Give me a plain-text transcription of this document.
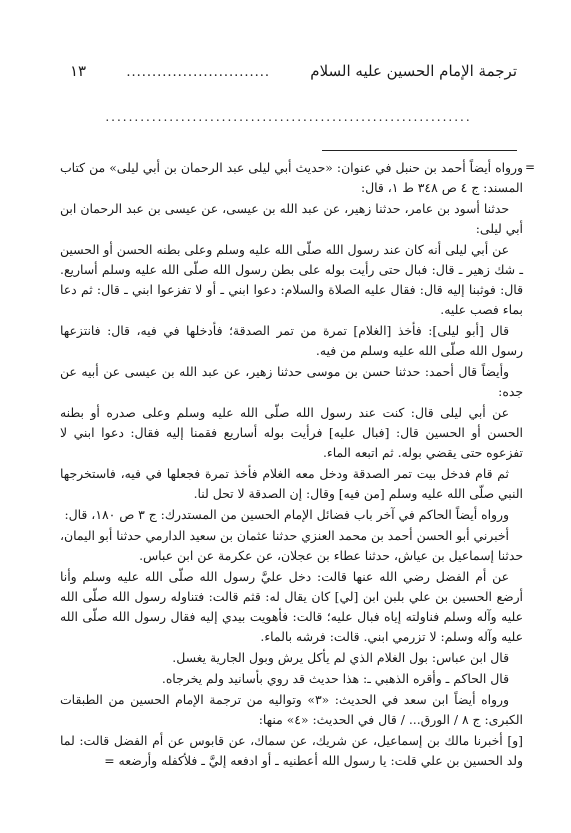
ترجمة الإمام الحسين عليه السلام
............................
١٣
...............................................................
=

ورواه أيضاً أحمد بن حنبل في عنوان: «حديث أبي ليلى عبد الرحمان بن أبي ليلى» من كتاب المسند: ج ٤ ص ٣٤٨ ط ١، قال:

حدثنا أسود بن عامر، حدثنا زهير، عن عبد الله بن عيسى، عن عيسى بن عبد الرحمان ابن أبي ليلى:

عن أبي ليلى أنه كان عند رسول الله صلّى الله عليه وسلم وعلى بطنه الحسن أو الحسين ـ شك زهير ـ قال: فبال حتى رأيت بوله على بطن رسول الله صلّى الله عليه وسلم أساريع. قال: فوثبنا إليه قال: فقال عليه الصلاة والسلام: دعوا ابني ـ أو لا تفزعوا ابني ـ قال: ثم دعا بماء فصب عليه.

قال [أبو ليلى]: فأخذ [الغلام] تمرة من تمر الصدقة؛ فأدخلها في فيه، قال: فانتزعها رسول الله صلّى الله عليه وسلم من فيه.

وأيضاً قال أحمد: حدثنا حسن بن موسى حدثنا زهير، عن عبد الله بن عيسى عن أبيه عن جده:

عن أبي ليلى قال: كنت عند رسول الله صلّى الله عليه وسلم وعلى صدره أو بطنه الحسن أو الحسين قال: [فبال عليه] فرأيت بوله أساريع فقمنا إليه فقال: دعوا ابني لا تفزعوه حتى يقضي بوله. ثم اتبعه الماء.

ثم قام فدخل بيت تمر الصدقة ودخل معه الغلام فأخذ تمرة فجعلها في فيه، فاستخرجها النبي صلّى الله عليه وسلم [من فيه] وقال: إن الصدقة لا تحل لنا.

ورواه أيضاً الحاكم في آخر باب فضائل الإمام الحسين من المستدرك: ج ٣ ص ١٨٠، قال:

أخبرني أبو الحسن أحمد بن محمد العنزي حدثنا عثمان بن سعيد الدارمي حدثنا أبو اليمان، حدثنا إسماعيل بن عياش، حدثنا عطاء بن عجلان، عن عكرمة عن ابن عباس.

عن أم الفضل رضي الله عنها قالت: دخل عليَّ رسول الله صلّى الله عليه وسلم وأنا أرضع الحسين بن علي بلبن ابن [لي] كان يقال له: قثم قالت: فتناوله رسول الله صلّى الله عليه وآله وسلم فناولته إياه فبال عليه؛ قالت: فأهويت بيدي إليه فقال رسول الله صلّى الله عليه وآله وسلم: لا تزرمي ابني. قالت: فرشه بالماء.

قال ابن عباس: بول الغلام الذي لم يأكل يرش وبول الجارية يغسل.

قال الحاكم ـ وأقره الذهبي ـ: هذا حديث قد روي بأسانيد ولم يخرجاه.

ورواه أيضاً ابن سعد في الحديث: «٣» وتواليه من ترجمة الإمام الحسين من الطبقات الكبرى: ج ٨ / الورق... / قال في الحديث: «٤» منها:

[و] أخبرنا مالك بن إسماعيل، عن شريك، عن سماك، عن قابوس عن أم الفضل قالت: لما ولد الحسين بن علي قلت: يا رسول الله أعطنيه ـ أو ادفعه إليَّ ـ فلأكفله وأرضعه =
